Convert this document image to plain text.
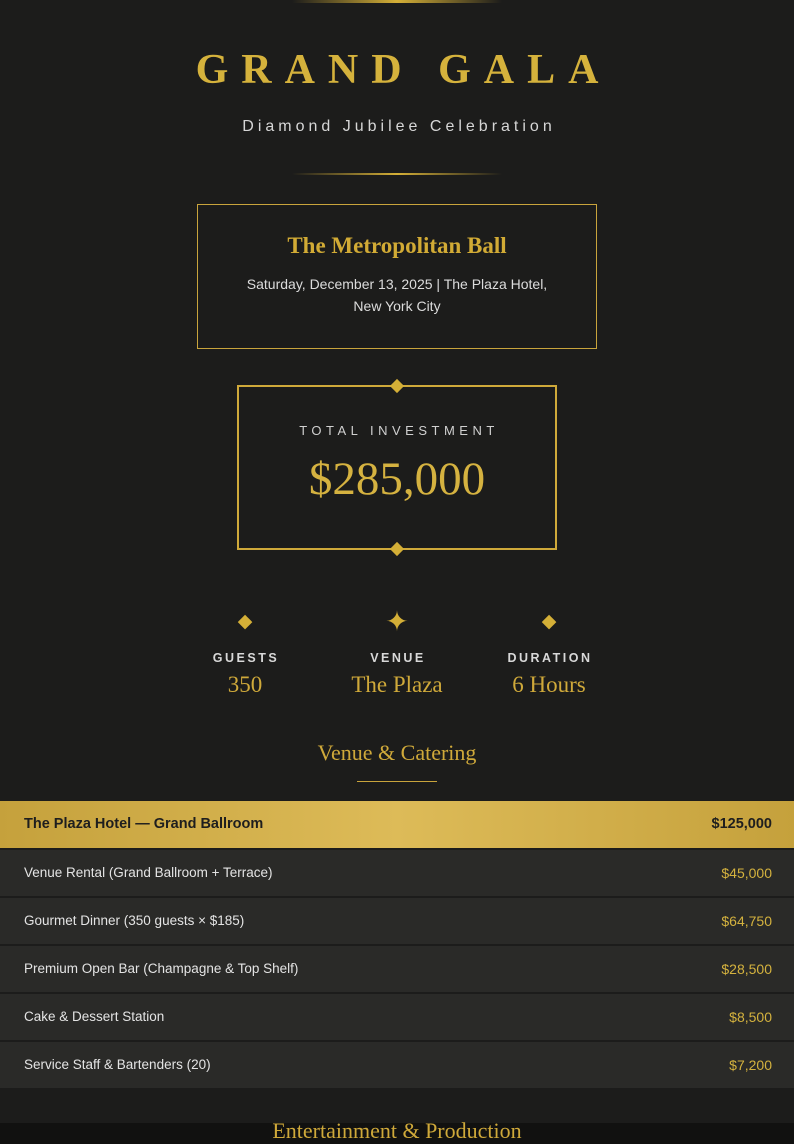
GRAND GALA
Diamond Jubilee Celebration
The Metropolitan Ball
Saturday, December 13, 2025 | The Plaza Hotel, New York City
TOTAL INVESTMENT
$285,000
◆
GUESTS
350
✦
VENUE
The Plaza
◆
DURATION
6 Hours
Venue & Catering
The Plaza Hotel — Grand Ballroom	$125,000
Venue Rental (Grand Ballroom + Terrace)	$45,000
Gourmet Dinner (350 guests × $185)	$64,750
Premium Open Bar (Champagne & Top Shelf)	$28,500
Cake & Dessert Station	$8,500
Service Staff & Bartenders (20)	$7,200
Entertainment & Production
